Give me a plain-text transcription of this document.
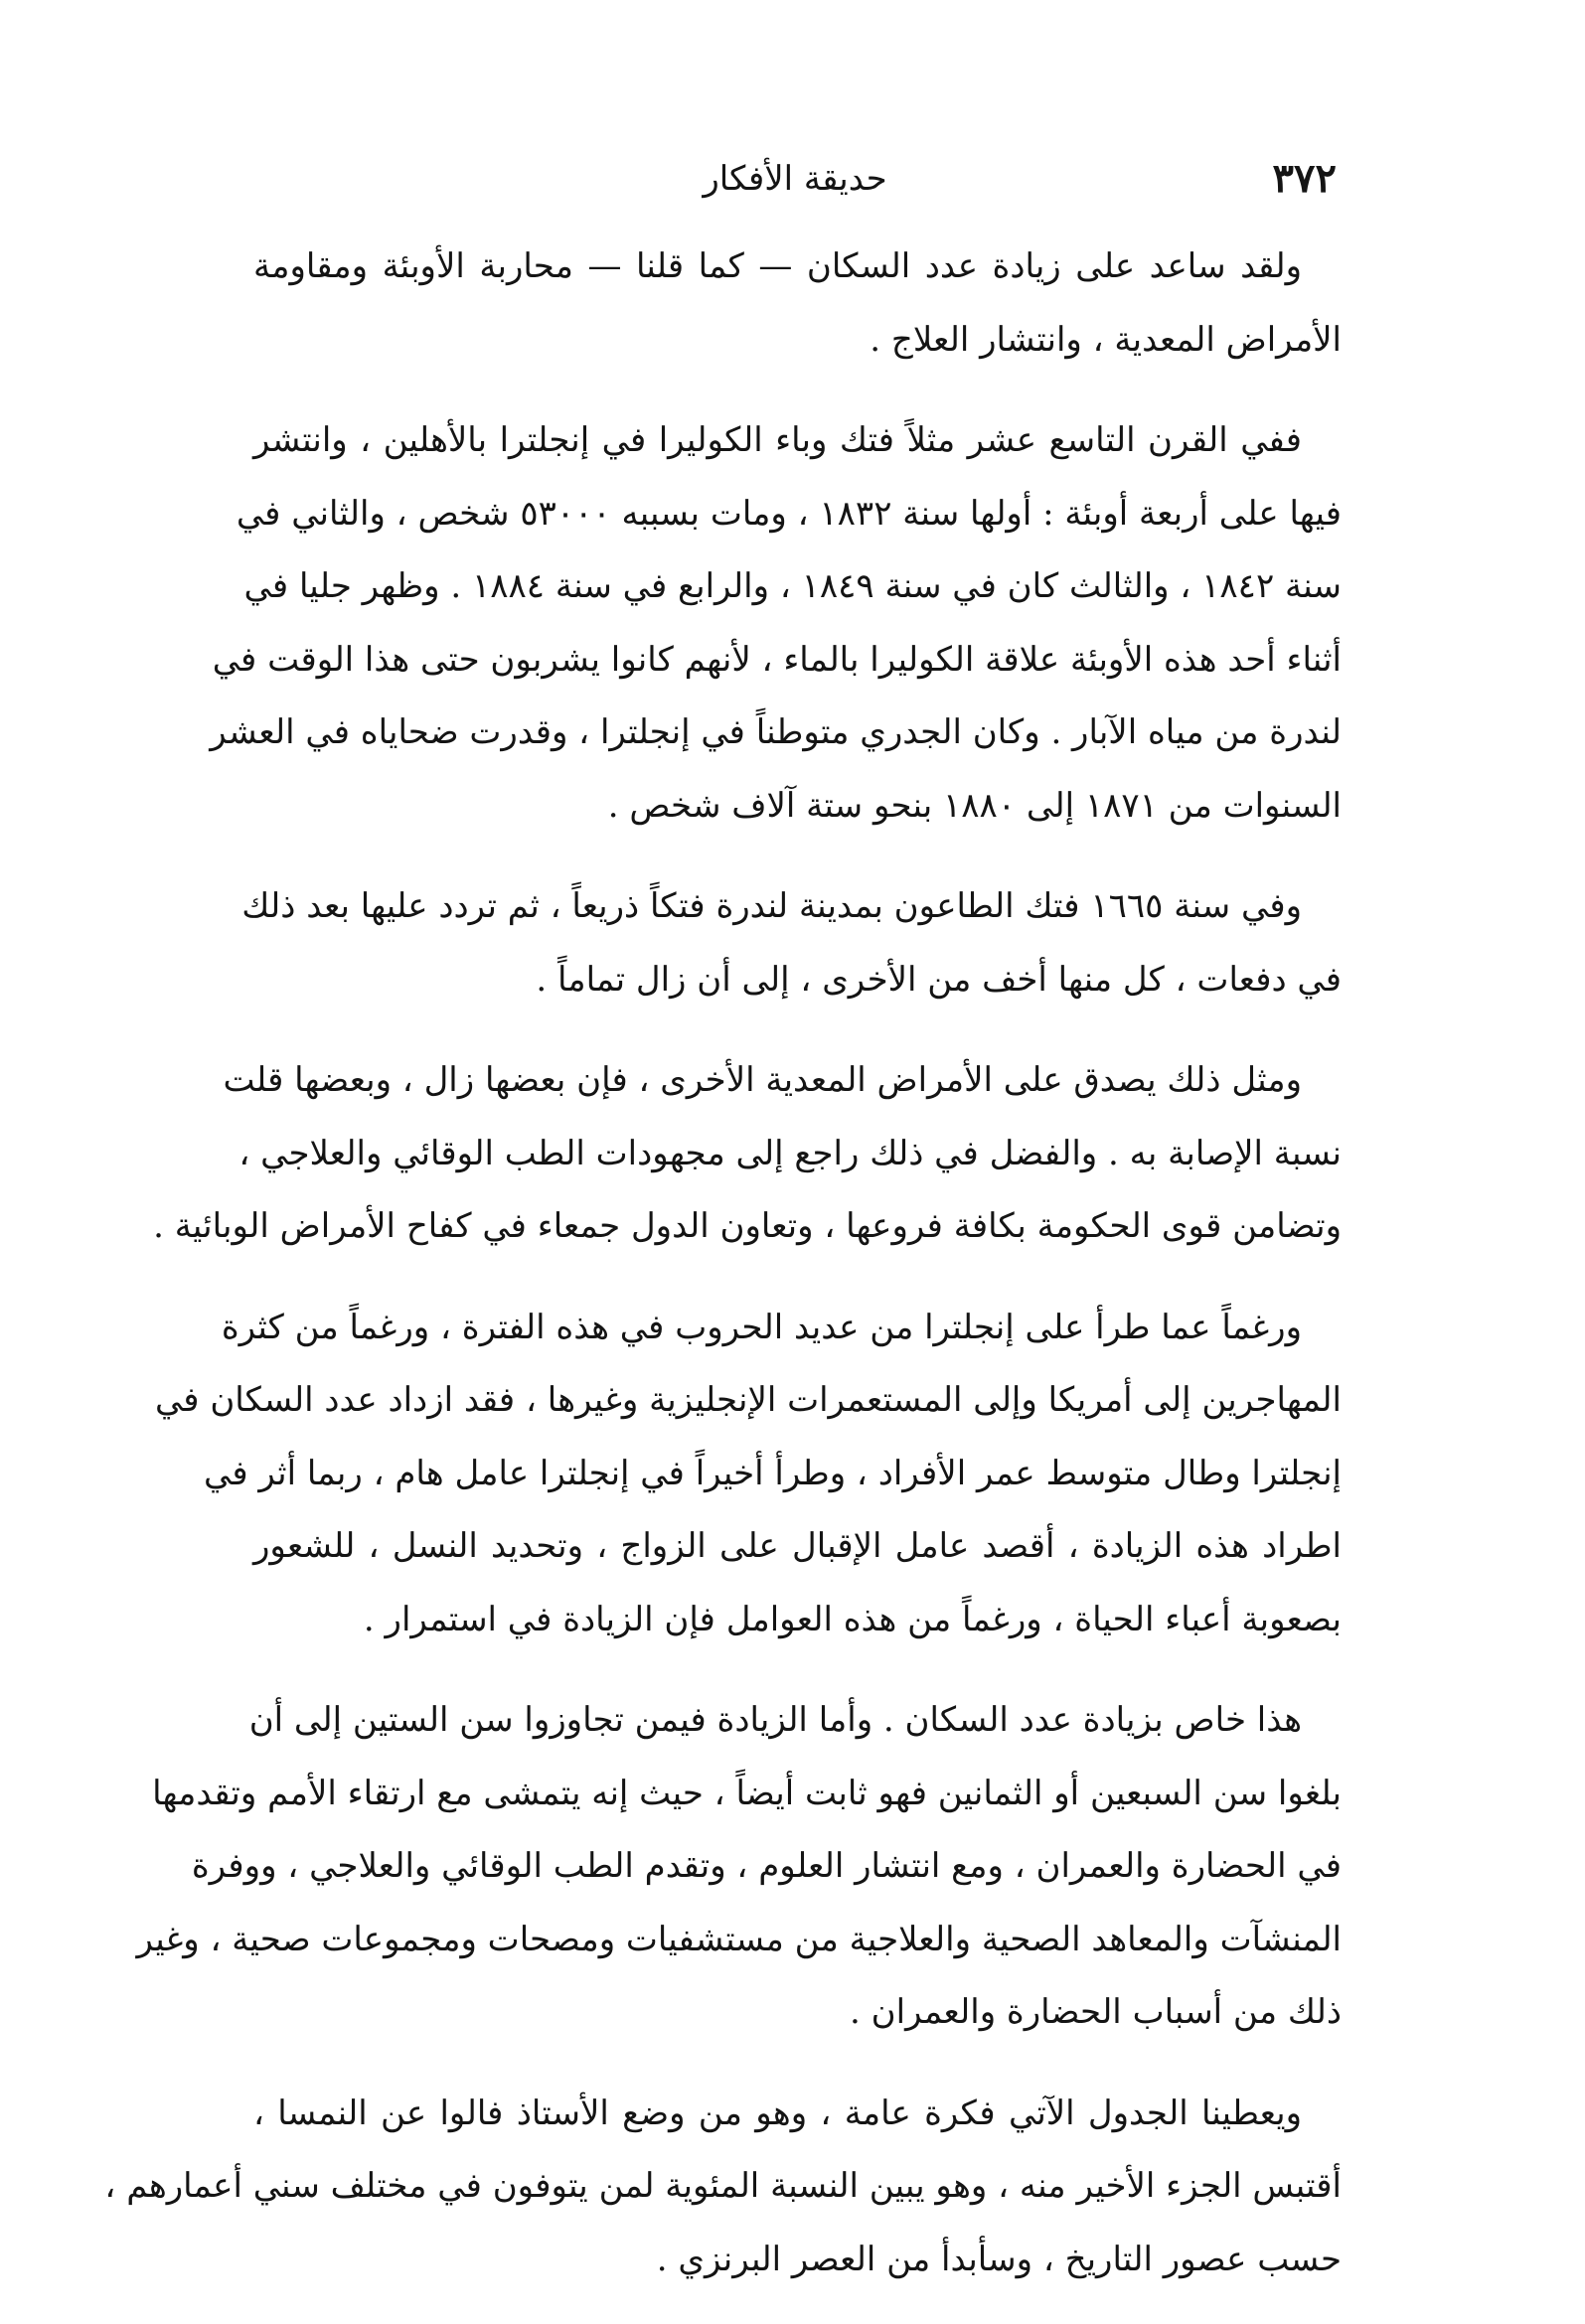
٣٧٢
حديقة الأفكار

ولقد ساعد على زيادة عدد السكان — كما قلنا — محاربة الأوبئة ومقاومة
الأمراض المعدية ، وانتشار العلاج .

ففي القرن التاسع عشر مثلاً فتك وباء الكوليرا في إنجلترا بالأهلين ، وانتشر
فيها على أربعة أوبئة : أولها سنة ١٨٣٢ ، ومات بسببه ٥٣٠٠٠ شخص ، والثاني في
سنة ١٨٤٢ ، والثالث كان في سنة ١٨٤٩ ، والرابع في سنة ١٨٨٤ . وظهر جليا في
أثناء أحد هذه الأوبئة علاقة الكوليرا بالماء ، لأنهم كانوا يشربون حتى هذا الوقت في
لندرة من مياه الآبار . وكان الجدري متوطناً في إنجلترا ، وقدرت ضحاياه في العشر
السنوات من ١٨٧١ إلى ١٨٨٠ بنحو ستة آلاف شخص .

وفي سنة ١٦٦٥ فتك الطاعون بمدينة لندرة فتكاً ذريعاً ، ثم تردد عليها بعد ذلك
في دفعات ، كل منها أخف من الأخرى ، إلى أن زال تماماً .

ومثل ذلك يصدق على الأمراض المعدية الأخرى ، فإن بعضها زال ، وبعضها قلت
نسبة الإصابة به . والفضل في ذلك راجع إلى مجهودات الطب الوقائي والعلاجي ،
وتضامن قوى الحكومة بكافة فروعها ، وتعاون الدول جمعاء في كفاح الأمراض الوبائية .

ورغماً عما طرأ على إنجلترا من عديد الحروب في هذه الفترة ، ورغماً من كثرة
المهاجرين إلى أمريكا وإلى المستعمرات الإنجليزية وغيرها ، فقد ازداد عدد السكان في
إنجلترا وطال متوسط عمر الأفراد ، وطرأ أخيراً في إنجلترا عامل هام ، ربما أثر في
اطراد هذه الزيادة ، أقصد عامل الإقبال على الزواج ، وتحديد النسل ، للشعور
بصعوبة أعباء الحياة ، ورغماً من هذه العوامل فإن الزيادة في استمرار .

هذا خاص بزيادة عدد السكان . وأما الزيادة فيمن تجاوزوا سن الستين إلى أن
بلغوا سن السبعين أو الثمانين فهو ثابت أيضاً ، حيث إنه يتمشى مع ارتقاء الأمم وتقدمها
في الحضارة والعمران ، ومع انتشار العلوم ، وتقدم الطب الوقائي والعلاجي ، ووفرة
المنشآت والمعاهد الصحية والعلاجية من مستشفيات ومصحات ومجموعات صحية ، وغير
ذلك من أسباب الحضارة والعمران .

ويعطينا الجدول الآتي فكرة عامة ، وهو من وضع الأستاذ فالوا عن النمسا ،
أقتبس الجزء الأخير منه ، وهو يبين النسبة المئوية لمن يتوفون في مختلف سني أعمارهم ،
حسب عصور التاريخ ، وسأبدأ من العصر البرنزي .
